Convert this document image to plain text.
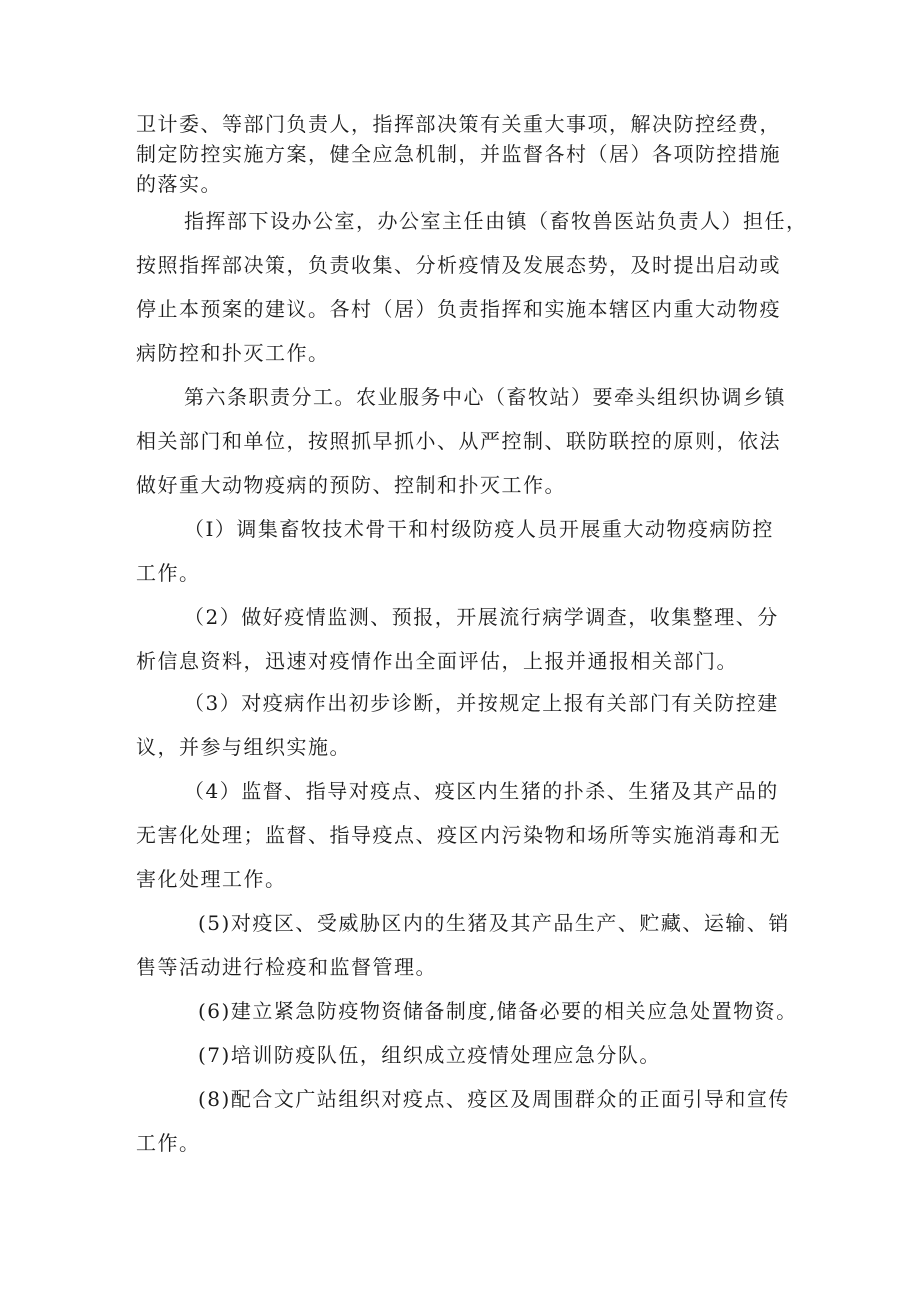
卫计委、等部门负责人，指挥部决策有关重大事项，解决防控经费，
制定防控实施方案，健全应急机制，并监督各村（居）各项防控措施
的落实。
指挥部下设办公室，办公室主任由镇（畜牧兽医站负责人）担任，
按照指挥部决策，负责收集、分析疫情及发展态势，及时提出启动或
停止本预案的建议。各村（居）负责指挥和实施本辖区内重大动物疫
病防控和扑灭工作。
第六条职责分工。农业服务中心（畜牧站）要牵头组织协调乡镇
相关部门和单位，按照抓早抓小、从严控制、联防联控的原则，依法
做好重大动物疫病的预防、控制和扑灭工作。
（I）调集畜牧技术骨干和村级防疫人员开展重大动物疫病防控
工作。
（2）做好疫情监测、预报，开展流行病学调查，收集整理、分
析信息资料，迅速对疫情作出全面评估，上报并通报相关部门。
（3）对疫病作出初步诊断，并按规定上报有关部门有关防控建
议，并参与组织实施。
（4）监督、指导对疫点、疫区内生猪的扑杀、生猪及其产品的
无害化处理；监督、指导疫点、疫区内污染物和场所等实施消毒和无
害化处理工作。
(5)对疫区、受威胁区内的生猪及其产品生产、贮藏、运输、销
售等活动进行检疫和监督管理。
(6)建立紧急防疫物资储备制度,储备必要的相关应急处置物资。
(7)培训防疫队伍，组织成立疫情处理应急分队。
(8)配合文广站组织对疫点、疫区及周围群众的正面引导和宣传
工作。
